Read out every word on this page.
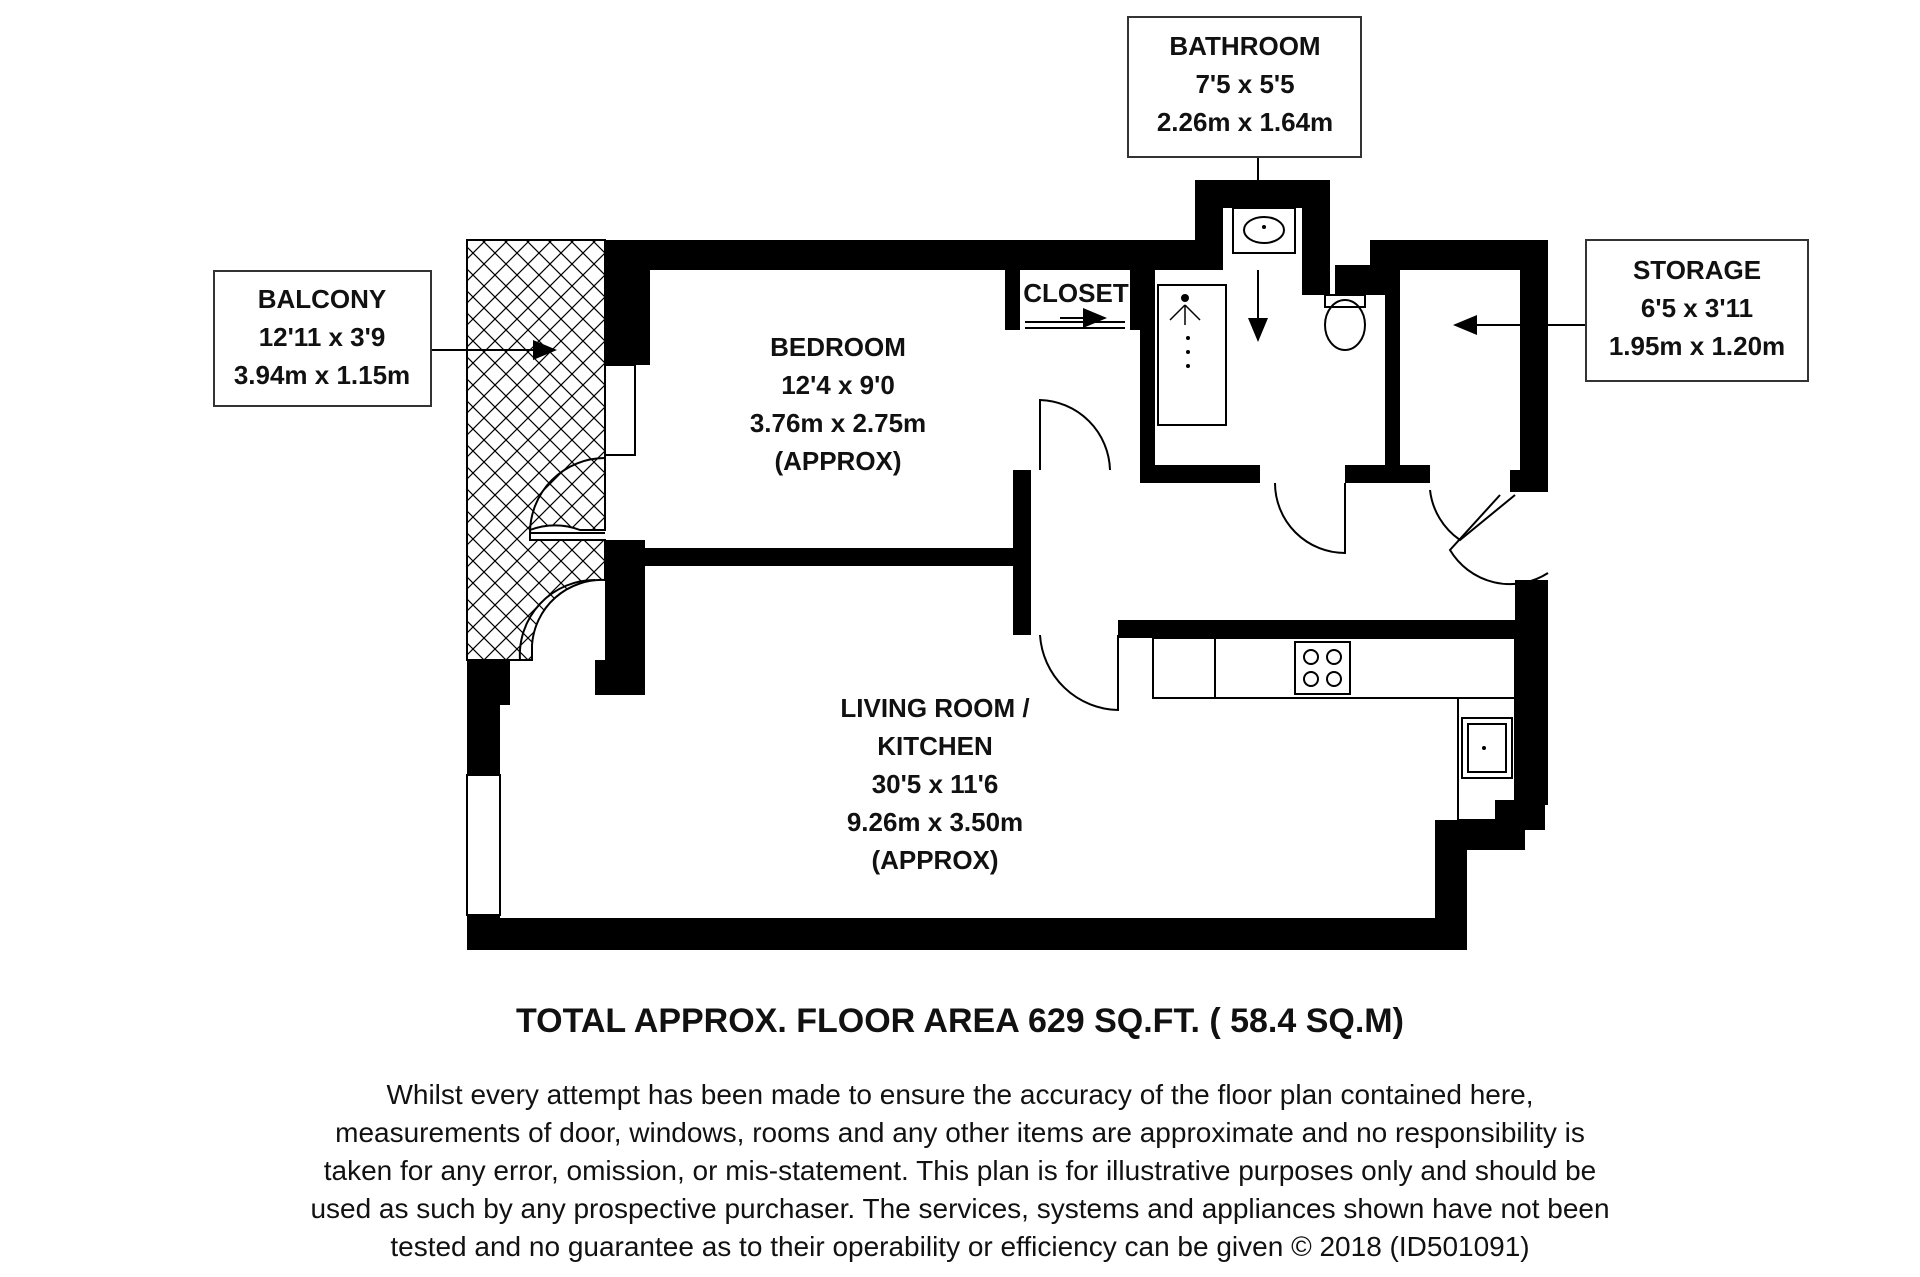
BATHROOM
7'5 x 5'5
2.26m x 1.64m
BALCONY
12'11 x 3'9
3.94m x 1.15m
STORAGE
6'5 x 3'11
1.95m x 1.20m
CLOSET
BEDROOM
12'4 x 9'0
3.76m x 2.75m
(APPROX)
LIVING ROOM /
KITCHEN
30'5 x 11'6
9.26m x 3.50m
(APPROX)
TOTAL APPROX. FLOOR AREA 629 SQ.FT. ( 58.4 SQ.M)
Whilst every attempt has been made to ensure the accuracy of the floor plan contained here, measurements of door, windows, rooms and any other items are approximate and no responsibility is taken for any error, omission, or mis-statement. This plan is for illustrative purposes only and should be used as such by any prospective purchaser. The services, systems and appliances shown have not been tested and no guarantee as to their operability or efficiency can be given © 2018 (ID501091)
